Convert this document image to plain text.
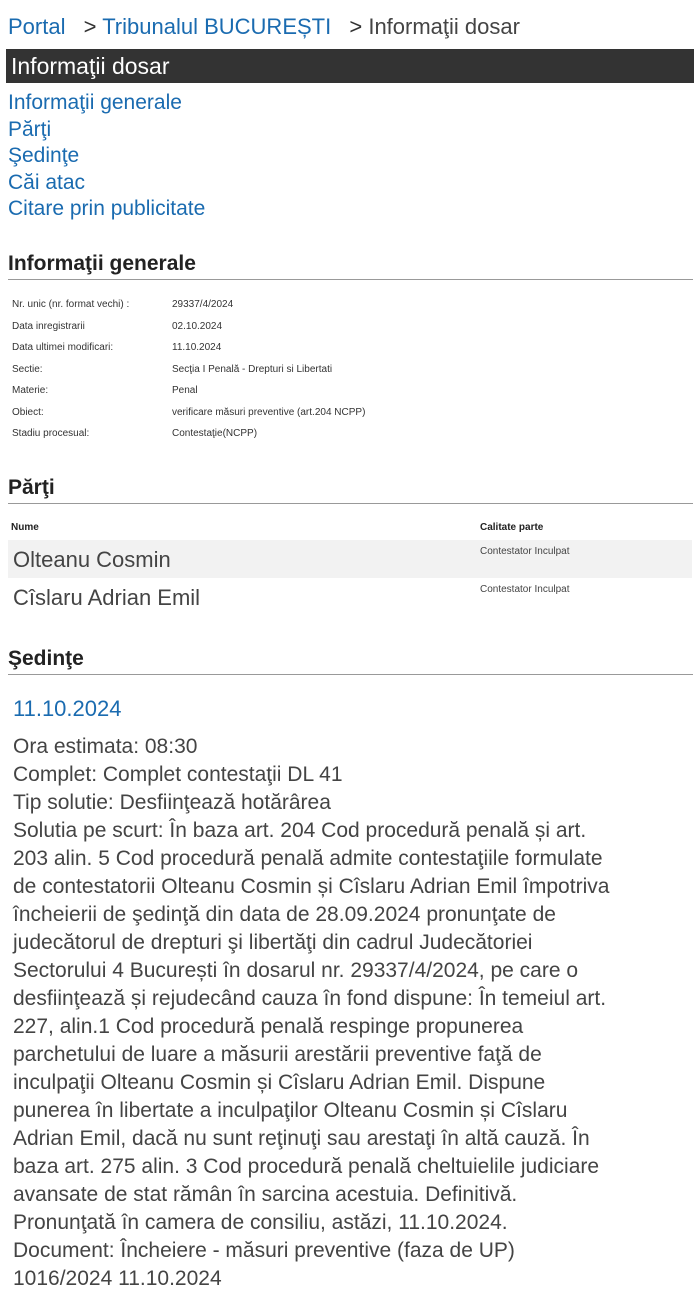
Portal > Tribunalul BUCUREȘTI > Informaţii dosar
Informaţii dosar
Informaţii generale
Părţi
Şedinţe
Căi atac
Citare prin publicitate
Informaţii generale
Nr. unic (nr. format vechi) :	29337/4/2024
Data inregistrarii	02.10.2024
Data ultimei modificari:	11.10.2024
Sectie:	Secţia I Penală - Drepturi si Libertati
Materie:	Penal
Obiect:	verificare măsuri preventive (art.204 NCPP)
Stadiu procesual:	Contestaţie(NCPP)
Părţi
Nume	Calitate parte
Olteanu Cosmin	Contestator Inculpat
Cîslaru Adrian Emil	Contestator Inculpat
Şedinţe
11.10.2024
Ora estimata: 08:30
Complet: Complet contestaţii DL 41
Tip solutie: Desfiinţează hotărârea
Solutia pe scurt: În baza art. 204 Cod procedură penală și art.
203 alin. 5 Cod procedură penală admite contestaţiile formulate
de contestatorii Olteanu Cosmin și Cîslaru Adrian Emil împotriva
încheierii de şedinţă din data de 28.09.2024 pronunţate de
judecătorul de drepturi şi libertăţi din cadrul Judecătoriei
Sectorului 4 București în dosarul nr. 29337/4/2024, pe care o
desfiinţează și rejudecând cauza în fond dispune: În temeiul art.
227, alin.1 Cod procedură penală respinge propunerea
parchetului de luare a măsurii arestării preventive faţă de
inculpaţii Olteanu Cosmin și Cîslaru Adrian Emil. Dispune
punerea în libertate a inculpaţilor Olteanu Cosmin și Cîslaru
Adrian Emil, dacă nu sunt reţinuţi sau arestaţi în altă cauză. În
baza art. 275 alin. 3 Cod procedură penală cheltuielile judiciare
avansate de stat rămân în sarcina acestuia. Definitivă.
Pronunţată în camera de consiliu, astăzi, 11.10.2024.
Document: Încheiere - măsuri preventive (faza de UP)
1016/2024 11.10.2024
